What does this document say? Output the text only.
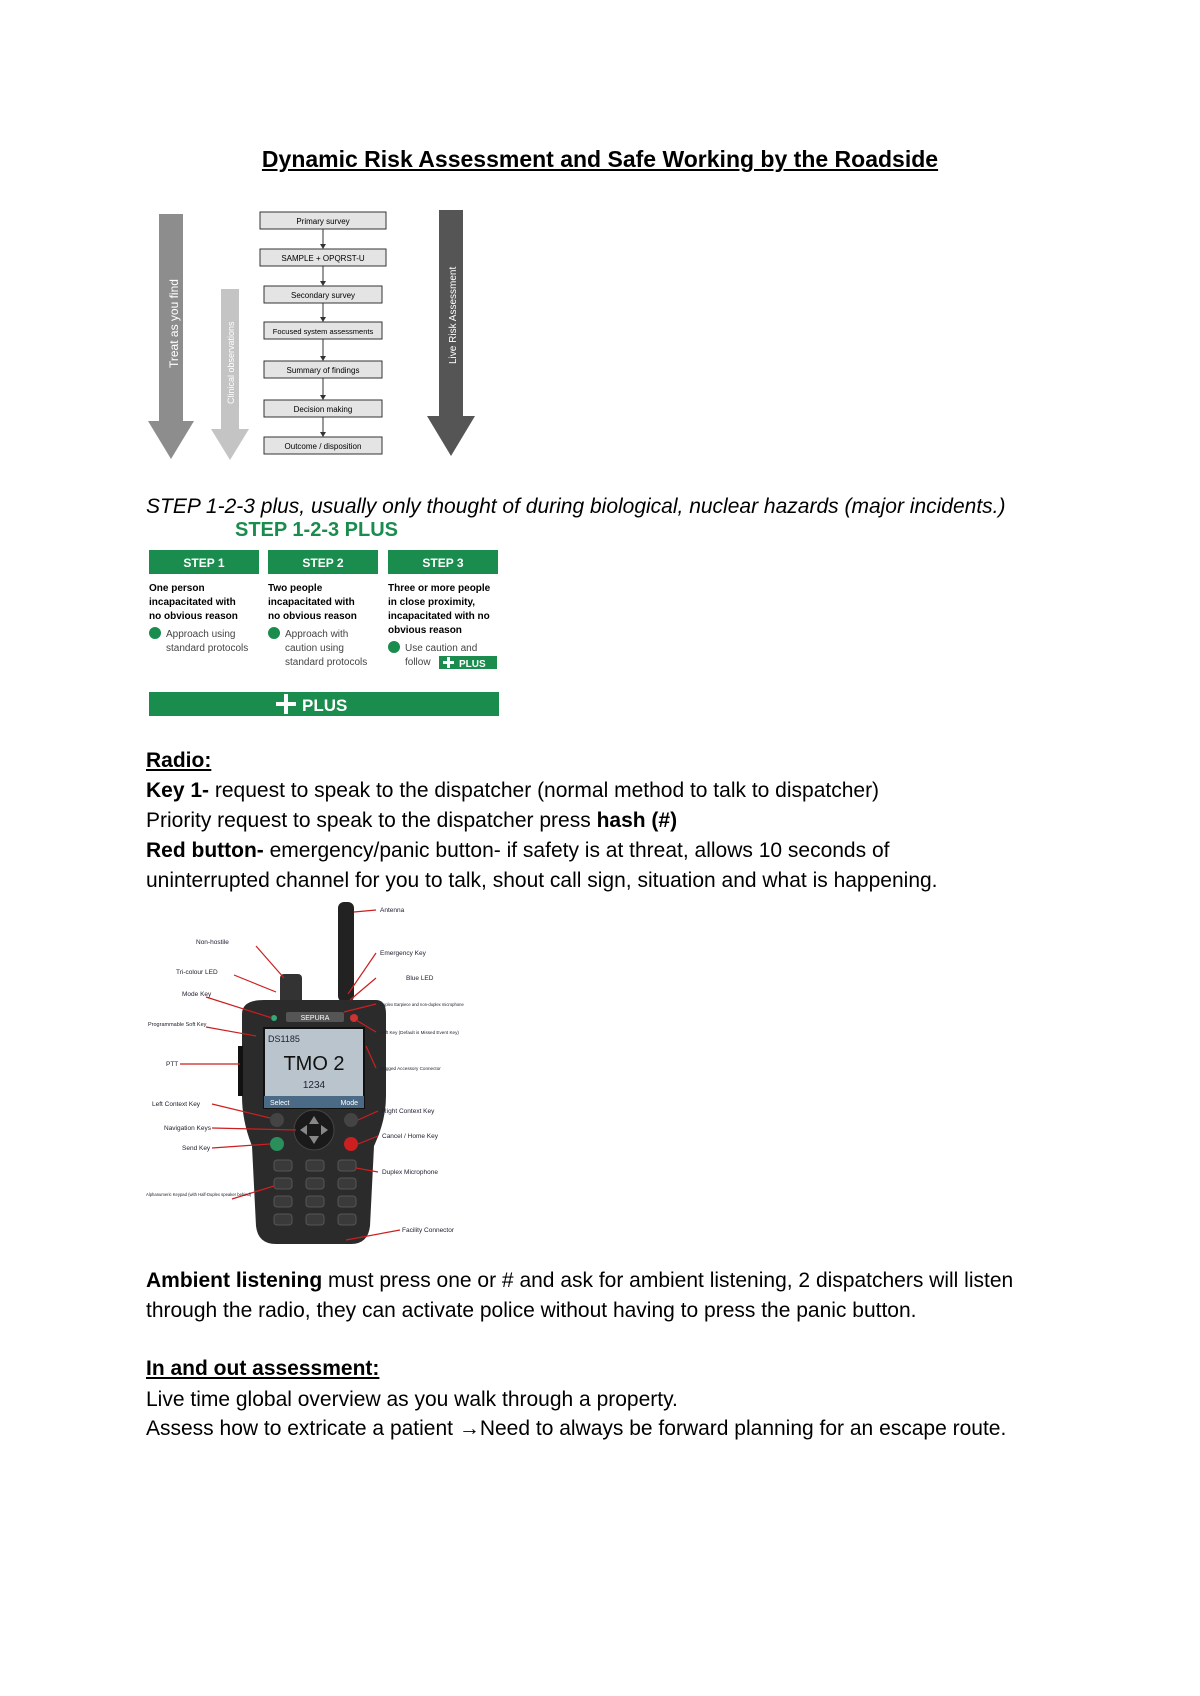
Dynamic Risk Assessment and Safe Working by the Roadside
Treat as you find	Clinical observations	Live Risk Assessment
Primary survey
SAMPLE + OPQRST-U
Secondary survey
Focused system assessments
Summary of findings
Decision making
Outcome / disposition
STEP 1-2-3 plus, usually only thought of during biological, nuclear hazards (major incidents.)
STEP 1-2-3 PLUS
STEP 1	STEP 2	STEP 3
One person
incapacitated with
no obvious reason
Approach using
standard protocols
Two people
incapacitated with
no obvious reason
Approach with
caution using
standard protocols
Three or more people
in close proximity,
incapacitated with no
obvious reason
Use caution and
follow	PLUS
PLUS
Radio:
Key 1- request to speak to the dispatcher (normal method to talk to dispatcher)
Priority request to speak to the dispatcher press hash (#)
Red button- emergency/panic button- if safety is at threat, allows 10 seconds of
uninterrupted channel for you to talk, shout call sign, situation and what is happening.
SEPURA
DS1185
TMO 2
1234
Select	Mode
Non-hostile
Tri-colour LED
Mode Key
Programmable Soft Key
PTT
Left Context Key
Navigation Keys
Send Key
Alphanumeric Keypad (with Half-Duplex speaker behind)
Antenna
Emergency Key
Blue LED
Duplex Earpiece and non-duplex microphone
Soft Key (Default is Missed Event Key)
Rugged Accessory Connector
Right Context Key
Cancel / Home Key
Duplex Microphone
Facility Connector
Ambient listening must press one or # and ask for ambient listening, 2 dispatchers will listen
through the radio, they can activate police without having to press the panic button.
In and out assessment:
Live time global overview as you walk through a property.
Assess how to extricate a patient →Need to always be forward planning for an escape route.
